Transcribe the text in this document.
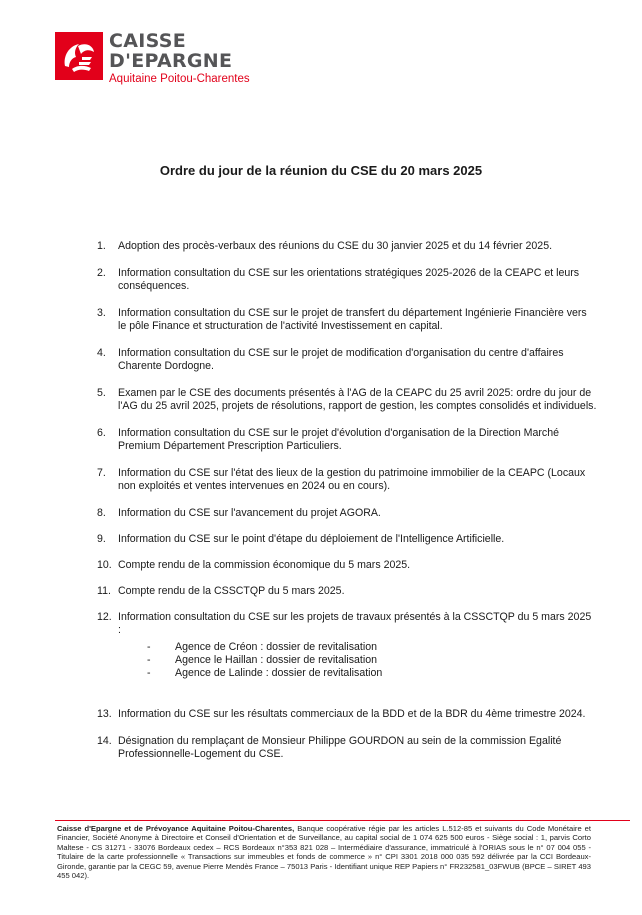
CAISSE
D'EPARGNE
Aquitaine Poitou-Charentes
Ordre du jour de la réunion du CSE du 20 mars 2025
1. Adoption des procès-verbaux des réunions du CSE du 30 janvier 2025 et du 14 février 2025.
2. Information consultation du CSE sur les orientations stratégiques 2025-2026 de la CEAPC et leurs conséquences.
3. Information consultation du CSE sur le projet de transfert du département Ingénierie Financière vers le pôle Finance et structuration de l'activité Investissement en capital.
4. Information consultation du CSE sur le projet de modification d'organisation du centre d'affaires Charente Dordogne.
5. Examen par le CSE des documents présentés à l'AG de la CEAPC du 25 avril 2025: ordre du jour de l'AG du 25 avril 2025, projets de résolutions, rapport de gestion, les comptes consolidés et individuels.
6. Information consultation du CSE sur le projet d'évolution d'organisation de la Direction Marché Premium Département Prescription Particuliers.
7. Information du CSE sur l'état des lieux de la gestion du patrimoine immobilier de la CEAPC (Locaux non exploités et ventes intervenues en 2024 ou en cours).
8. Information du CSE sur l'avancement du projet AGORA.
9. Information du CSE sur le point d'étape du déploiement de l'Intelligence Artificielle.
10. Compte rendu de la commission économique du 5 mars 2025.
11. Compte rendu de la CSSCTQP du 5 mars 2025.
12. Information consultation du CSE sur les projets de travaux présentés à la CSSCTQP du 5 mars 2025 :
- Agence de Créon : dossier de revitalisation
- Agence le Haillan : dossier de revitalisation
- Agence de Lalinde : dossier de revitalisation
13. Information du CSE sur les résultats commerciaux de la BDD et de la BDR du 4ème trimestre 2024.
14. Désignation du remplaçant de Monsieur Philippe GOURDON au sein de la commission Egalité Professionnelle-Logement du CSE.
Caisse d'Epargne et de Prévoyance Aquitaine Poitou-Charentes, Banque coopérative régie par les articles L.512-85 et suivants du Code Monétaire et Financier, Société Anonyme à Directoire et Conseil d'Orientation et de Surveillance, au capital social de 1 074 625 500 euros - Siège social : 1, parvis Corto Maltese - CS 31271 - 33076 Bordeaux cedex – RCS Bordeaux n°353 821 028 – Intermédiaire d'assurance, immatriculé à l'ORIAS sous le n° 07 004 055 - Titulaire de la carte professionnelle « Transactions sur immeubles et fonds de commerce » n° CPI 3301 2018 000 035 592 délivrée par la CCI Bordeaux-Gironde, garantie par la CEGC 59, avenue Pierre Mendès France – 75013 Paris - Identifiant unique REP Papiers n° FR232581_03FWUB (BPCE – SIRET 493 455 042).
